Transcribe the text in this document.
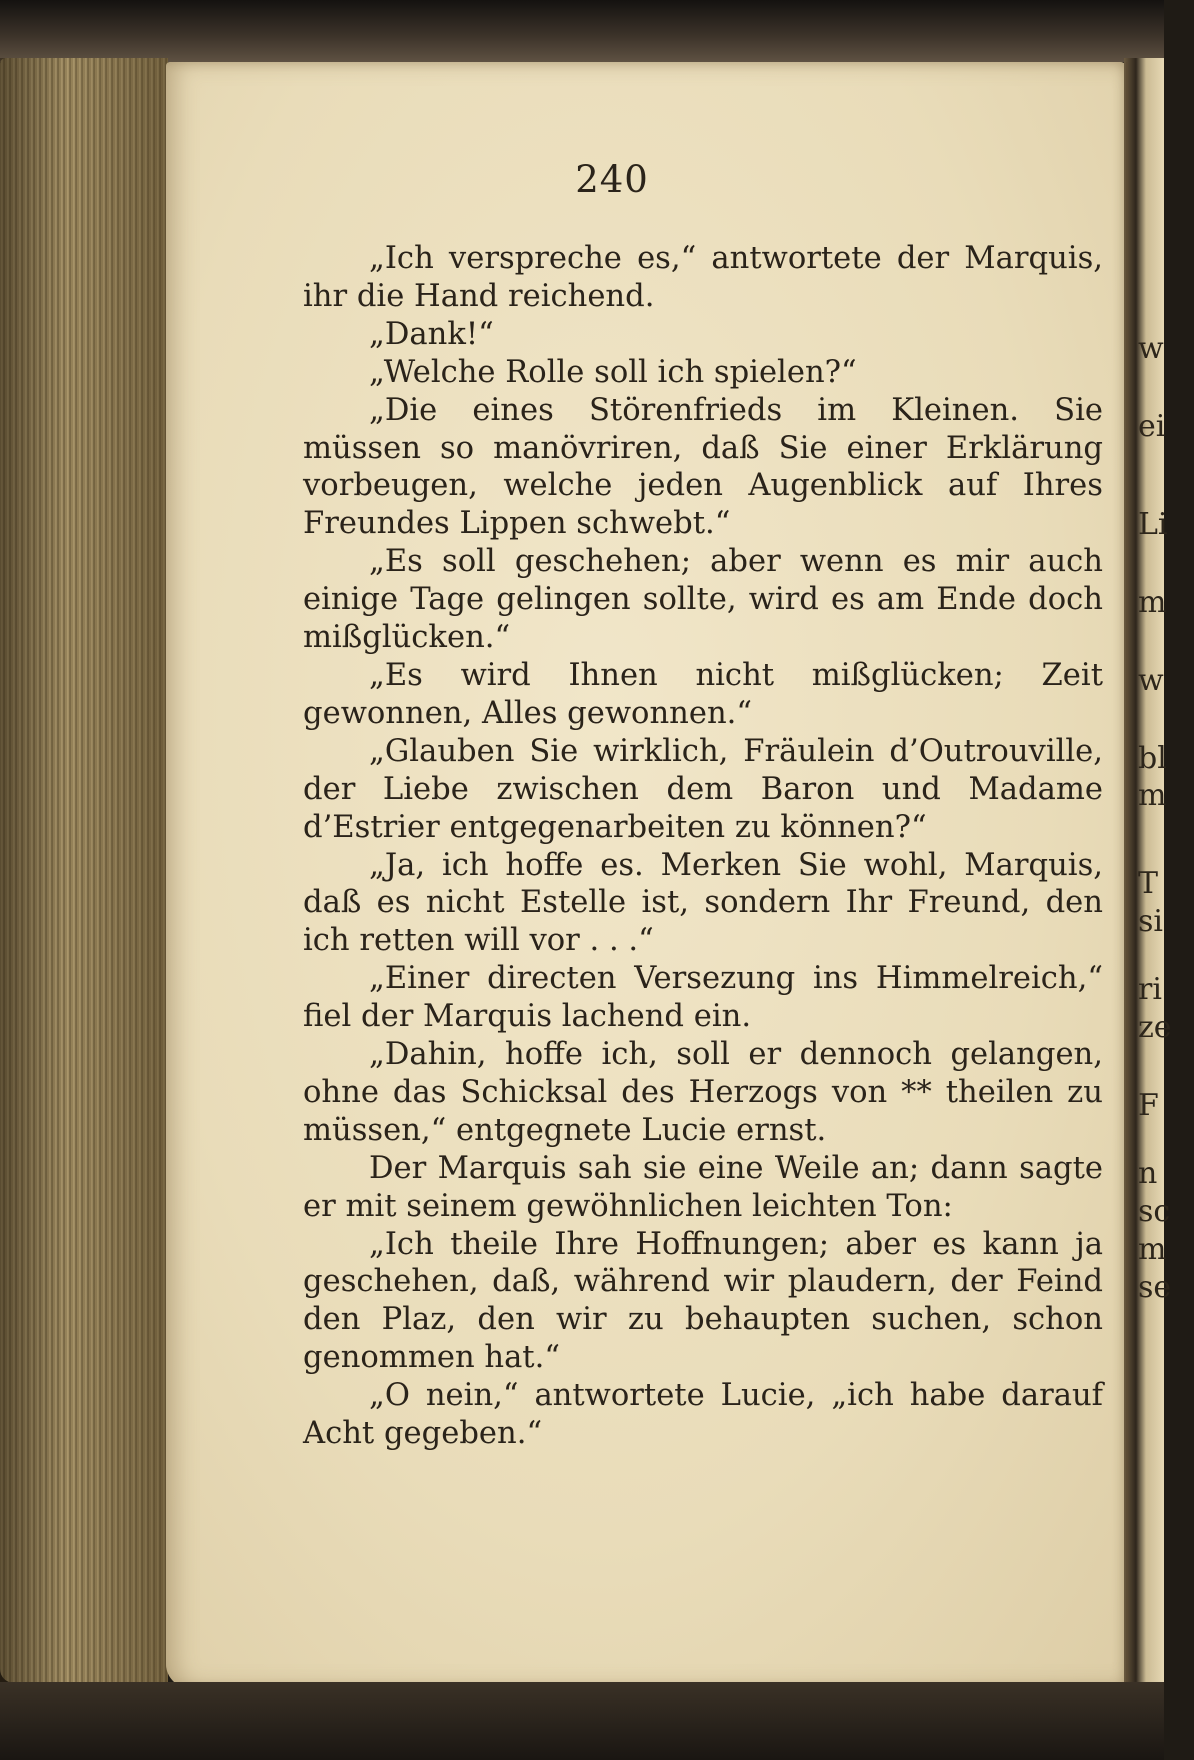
240

„Ich verspreche es,“ antwortete der Marquis, ihr die Hand reichend.

„Dank!“

„Welche Rolle soll ich spielen?“

„Die eines Störenfrieds im Kleinen. Sie müssen so manövriren, daß Sie einer Erklärung vorbeugen, welche jeden Augenblick auf Ihres Freundes Lippen schwebt.“

„Es soll geschehen; aber wenn es mir auch einige Tage gelingen sollte, wird es am Ende doch mißglücken.“

„Es wird Ihnen nicht mißglücken; Zeit gewonnen, Alles gewonnen.“

„Glauben Sie wirklich, Fräulein d’Outrouville, der Liebe zwischen dem Baron und Madame d’Estrier entgegenarbeiten zu können?“

„Ja, ich hoffe es. Merken Sie wohl, Marquis, daß es nicht Estelle ist, sondern Ihr Freund, den ich retten will vor . . .“

„Einer directen Versezung ins Himmelreich,“ fiel der Marquis lachend ein.

„Dahin, hoffe ich, soll er dennoch gelangen, ohne das Schicksal des Herzogs von ** theilen zu müssen,“ entgegnete Lucie ernst.

Der Marquis sah sie eine Weile an; dann sagte er mit seinem gewöhnlichen leichten Ton:

„Ich theile Ihre Hoffnungen; aber es kann ja geschehen, daß, während wir plaudern, der Feind den Plaz, den wir zu behaupten suchen, schon genommen hat.“

„O nein,“ antwortete Lucie, „ich habe darauf Acht gegeben.“

w
ei
Li
m
w
bl
m
T
si
ri
ze
F
n
sc
m
se
